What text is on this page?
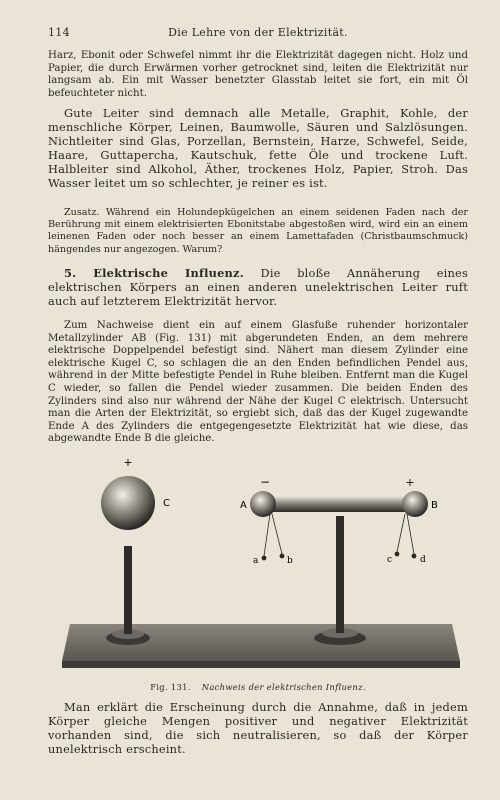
114	Die Lehre von der Elektrizität.
Harz, Ebonit oder Schwefel nimmt ihr die Elektrizität dagegen nicht. Holz und Papier, die durch Erwärmen vorher getrocknet sind, leiten die Elektrizität nur langsam ab. Ein mit Wasser benetzter Glasstab leitet sie fort, ein mit Öl befeuchteter nicht.
Gute Leiter sind demnach alle Metalle, Graphit, Kohle, der menschliche Körper, Leinen, Baumwolle, Säuren und Salzlösungen. Nichtleiter sind Glas, Porzellan, Bernstein, Harze, Schwefel, Seide, Haare, Guttapercha, Kautschuk, fette Öle und trockene Luft. Halbleiter sind Alkohol, Äther, trockenes Holz, Papier, Stroh. Das Wasser leitet um so schlechter, je reiner es ist.
Zusatz. Während ein Holundерkügelchen an einem seidenen Faden nach der Berührung mit einem elektrisierten Ebonitstabe abgestoßen wird, wird ein an einem leinenen Faden oder noch besser an einem Lamettafaden (Christbaumschmuck) hängendes nur angezogen. Warum?
5. Elektrische Influenz. Die bloße Annäherung eines elektrischen Körpers an einen anderen unelektrischen Leiter ruft auch auf letzterem Elektrizität hervor.
Zum Nachweise dient ein auf einem Glasfuße ruhender horizontaler Metallzylinder AB (Fig. 131) mit abgerundeten Enden, an dem mehrere elektrische Doppelpendel befestigt sind. Nähert man diesem Zylinder eine elektrische Kugel C, so schlagen die an den Enden befindlichen Pendel aus, während in der Mitte befestigte Pendel in Ruhe bleiben. Entfernt man die Kugel C wieder, so fallen die Pendel wieder zusammen. Die beiden Enden des Zylinders sind also nur während der Nähe der Kugel C elektrisch. Untersucht man die Arten der Elektrizität, so ergiebt sich, daß das der Kugel zugewandte Ende A des Zylinders die entgegengesetzte Elektrizität hat wie diese, das abgewandte Ende B die gleiche.
+
C
−	+
A	B
a	b	c	d
Fig. 131. Nachweis der elektrischen Influenz.
Man erklärt die Erscheinung durch die Annahme, daß in jedem Körper gleiche Mengen positiver und negativer Elektrizität vorhanden sind, die sich neutralisieren, so daß der Körper unelektrisch erscheint.
